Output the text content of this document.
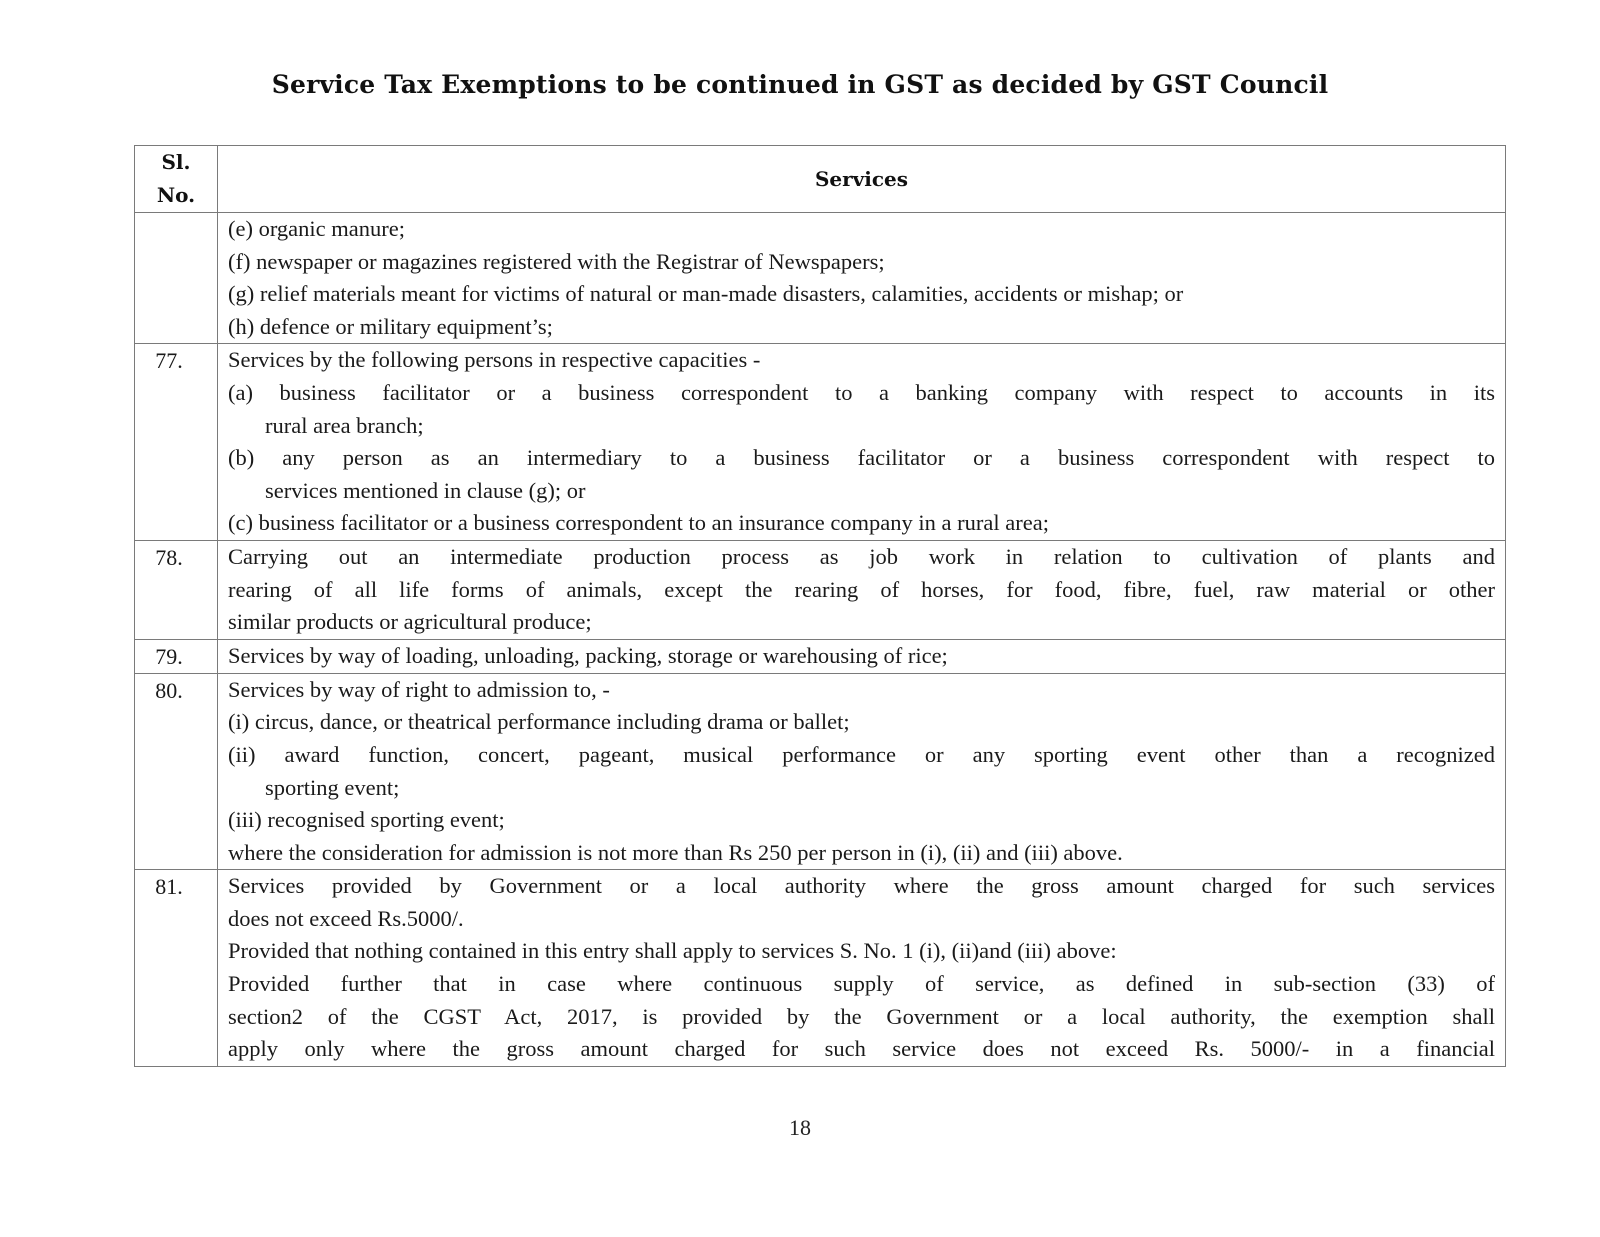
Service Tax Exemptions to be continued in GST as decided by GST Council
Sl.
No.	Services

	(e) organic manure;
(f) newspaper or magazines registered with the Registrar of Newspapers;
(g) relief materials meant for victims of natural or man-made disasters, calamities, accidents or mishap; or
(h) defence or military equipment’s;

77.	Services by the following persons in respective capacities -
(a) business facilitator or a business correspondent to a banking company with respect to accounts in its
rural area branch;
(b) any person as an intermediary to a business facilitator or a business correspondent with respect to
services mentioned in clause (g); or
(c) business facilitator or a business correspondent to an insurance company in a rural area;

78.	Carrying out an intermediate production process as job work in relation to cultivation of plants and
rearing of all life forms of animals, except the rearing of horses, for food, fibre, fuel, raw material or other
similar products or agricultural produce;

79.	Services by way of loading, unloading, packing, storage or warehousing of rice;

80.	Services by way of right to admission to, -
(i) circus, dance, or theatrical performance including drama or ballet;
(ii) award function, concert, pageant, musical performance or any sporting event other than a recognized
sporting event;
(iii) recognised sporting event;
where the consideration for admission is not more than Rs 250 per person in (i), (ii) and (iii) above.

81.	Services provided by Government or a local authority where the gross amount charged for such services
does not exceed Rs.5000/.
Provided that nothing contained in this entry shall apply to services S. No. 1 (i), (ii)and (iii) above:
Provided further that in case where continuous supply of service, as defined in sub-section (33) of
section2 of the CGST Act, 2017, is provided by the Government or a local authority, the exemption shall
apply only where the gross amount charged for such service does not exceed Rs. 5000/- in a financial
18
